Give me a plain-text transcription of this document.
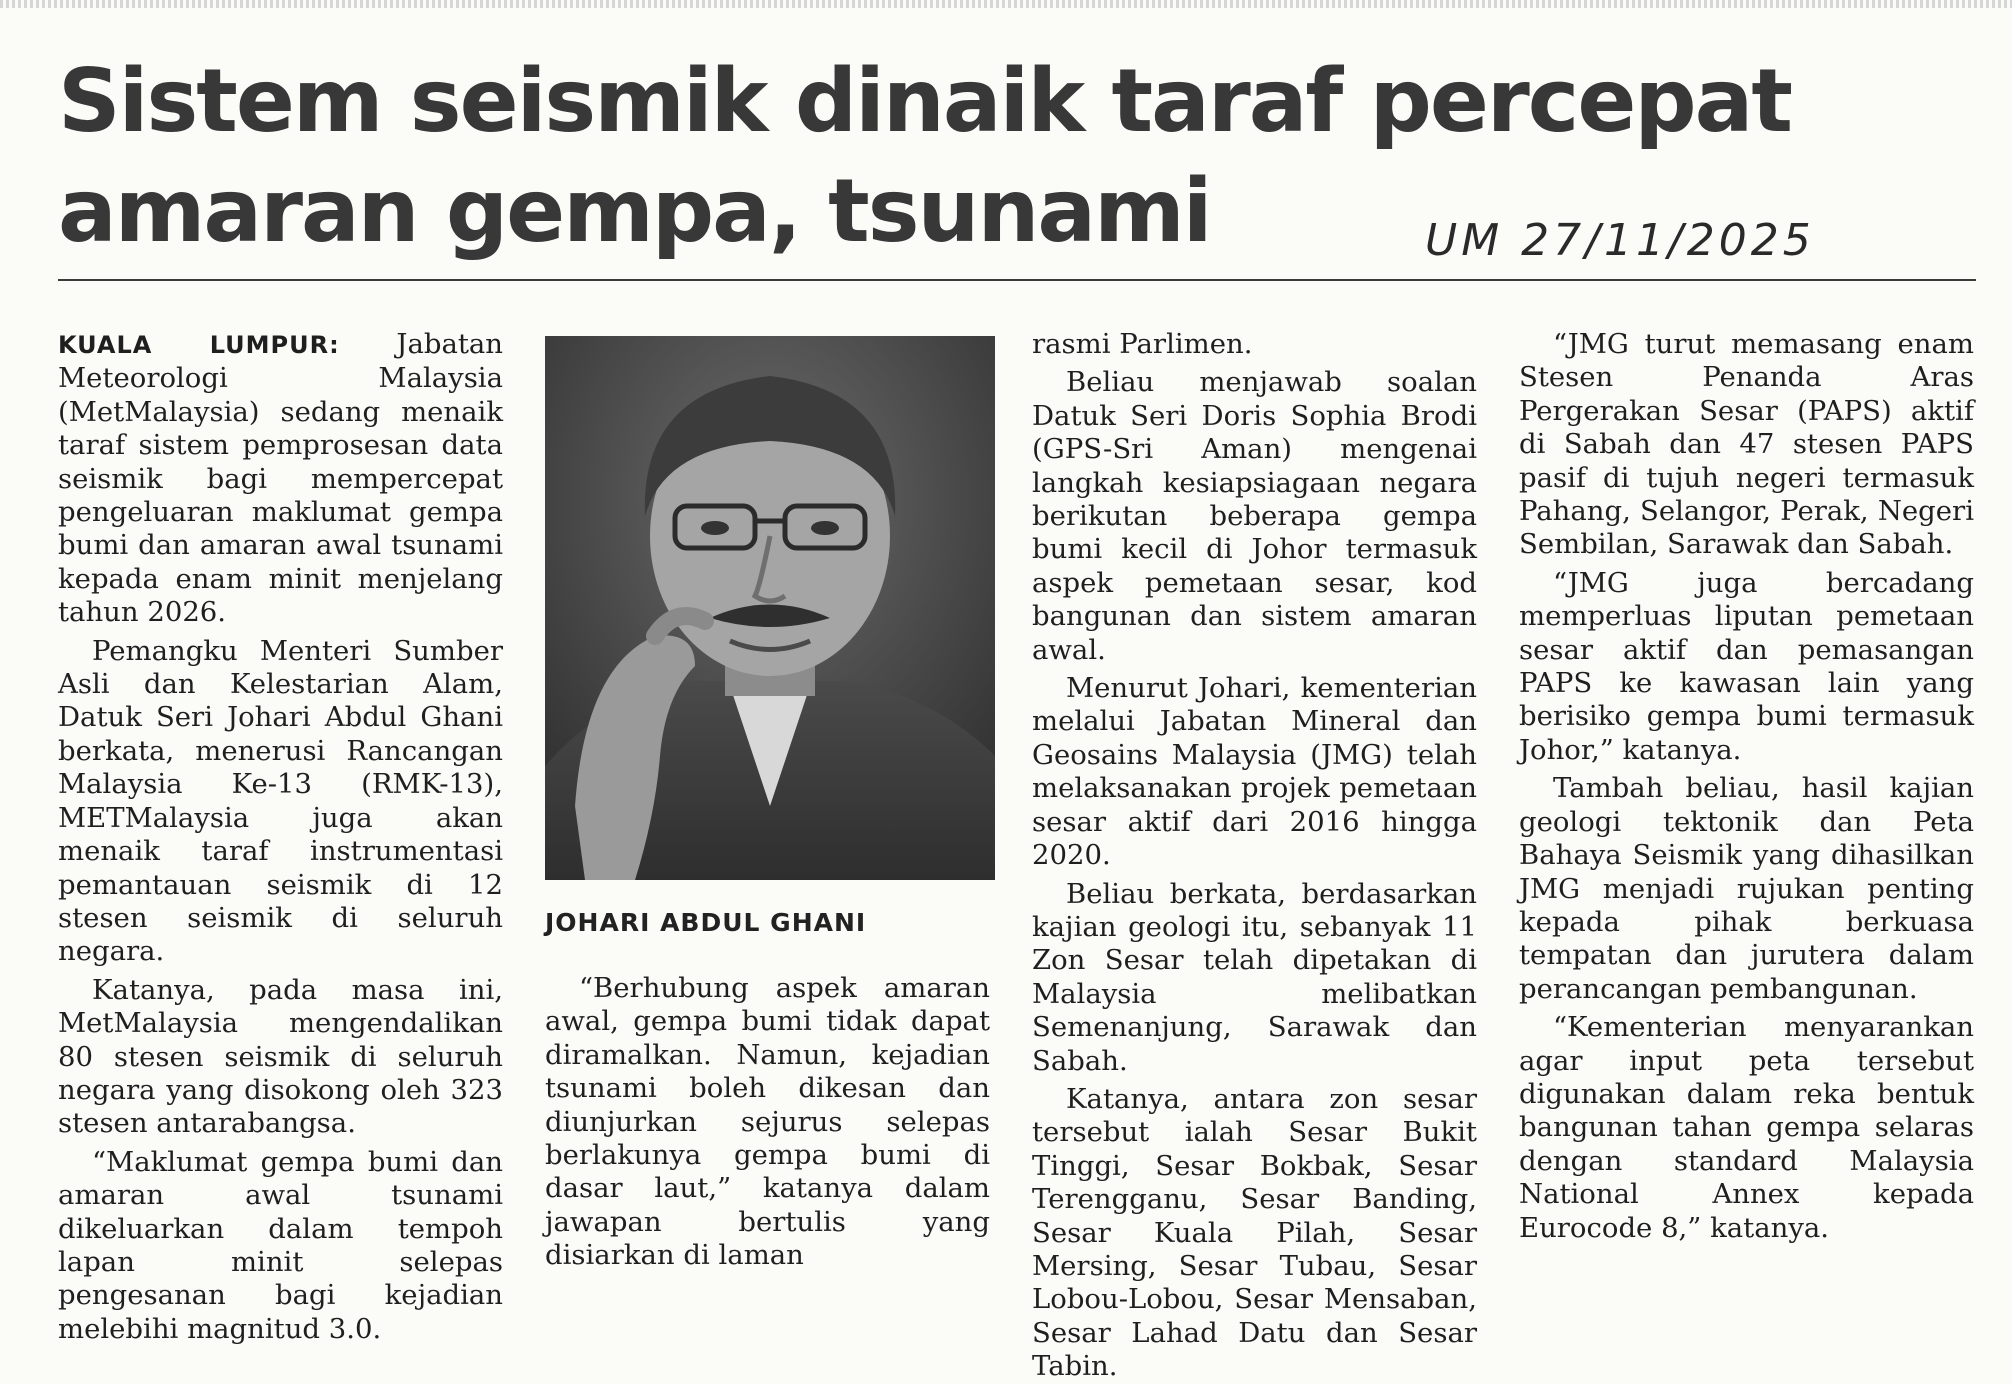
Sistem seismik dinaik taraf percepat
amaran gempa, tsunami	UM 27/11/2025

KUALA LUMPUR: Jabatan Meteorologi Malaysia (MetMalaysia) sedang menaik taraf sistem pemprosesan data seismik bagi mempercepat pengeluaran maklumat gempa bumi dan amaran awal tsunami kepada enam minit menjelang tahun 2026.

Pemangku Menteri Sumber Asli dan Kelestarian Alam, Datuk Seri Johari Abdul Ghani berkata, menerusi Rancangan Malaysia Ke-13 (RMK-13), METMalaysia juga akan menaik taraf instrumentasi pemantauan seismik di 12 stesen seismik di seluruh negara.

Katanya, pada masa ini, MetMalaysia mengendalikan 80 stesen seismik di seluruh negara yang disokong oleh 323 stesen antarabangsa.

“Maklumat gempa bumi dan amaran awal tsunami dikeluarkan dalam tempoh lapan minit selepas pengesanan bagi kejadian melebihi magnitud 3.0.

JOHARI ABDUL GHANI

“Berhubung aspek amaran awal, gempa bumi tidak dapat diramalkan. Namun, kejadian tsunami boleh dikesan dan diunjurkan sejurus selepas berlakunya gempa bumi di dasar laut,” katanya dalam jawapan bertulis yang disiarkan di laman

rasmi Parlimen.

Beliau menjawab soalan Datuk Seri Doris Sophia Brodi (GPS-Sri Aman) mengenai langkah kesiapsiagaan negara berikutan beberapa gempa bumi kecil di Johor termasuk aspek pemetaan sesar, kod bangunan dan sistem amaran awal.

Menurut Johari, kementerian melalui Jabatan Mineral dan Geosains Malaysia (JMG) telah melaksanakan projek pemetaan sesar aktif dari 2016 hingga 2020.

Beliau berkata, berdasarkan kajian geologi itu, sebanyak 11 Zon Sesar telah dipetakan di Malaysia melibatkan Semenanjung, Sarawak dan Sabah.

Katanya, antara zon sesar tersebut ialah Sesar Bukit Tinggi, Sesar Bokbak, Sesar Terengganu, Sesar Banding, Sesar Kuala Pilah, Sesar Mersing, Sesar Tubau, Sesar Lobou-Lobou, Sesar Mensaban, Sesar Lahad Datu dan Sesar Tabin.

“JMG turut memasang enam Stesen Penanda Aras Pergerakan Sesar (PAPS) aktif di Sabah dan 47 stesen PAPS pasif di tujuh negeri termasuk Pahang, Selangor, Perak, Negeri Sembilan, Sarawak dan Sabah.

“JMG juga bercadang memperluas liputan pemetaan sesar aktif dan pemasangan PAPS ke kawasan lain yang berisiko gempa bumi termasuk Johor,” katanya.

Tambah beliau, hasil kajian geologi tektonik dan Peta Bahaya Seismik yang dihasilkan JMG menjadi rujukan penting kepada pihak berkuasa tempatan dan jurutera dalam perancangan pembangunan.

“Kementerian menyarankan agar input peta tersebut digunakan dalam reka bentuk bangunan tahan gempa selaras dengan standard Malaysia National Annex kepada Eurocode 8,” katanya.
